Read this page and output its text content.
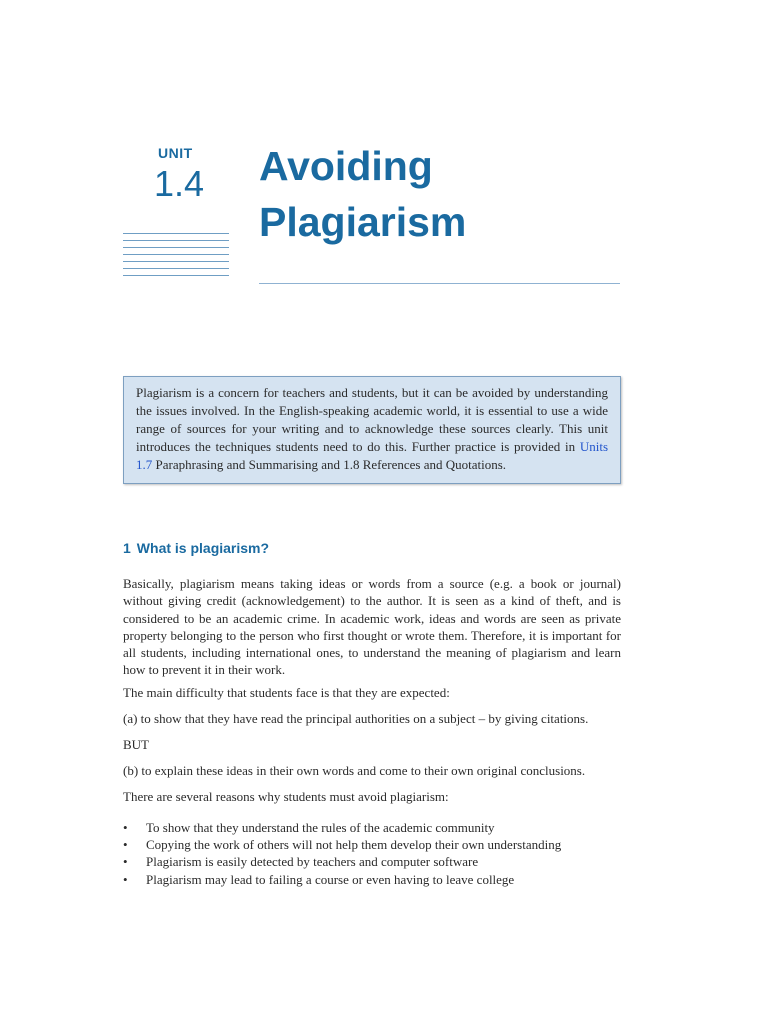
UNIT
1.4 Avoiding
Plagiarism
Plagiarism is a concern for teachers and students, but it can be avoided by understanding the issues involved. In the English-speaking academic world, it is essential to use a wide range of sources for your writing and to acknowledge these sources clearly. This unit introduces the techniques students need to do this. Further practice is provided in Units 1.7 Paraphrasing and Summarising and 1.8 References and Quotations.
1 What is plagiarism?

Basically, plagiarism means taking ideas or words from a source (e.g. a book or journal) without giving credit (acknowledgement) to the author. It is seen as a kind of theft, and is considered to be an academic crime. In academic work, ideas and words are seen as private property belonging to the person who first thought or wrote them. Therefore, it is important for all students, including international ones, to understand the meaning of plagiarism and learn how to prevent it in their work.

The main difficulty that students face is that they are expected:

(a) to show that they have read the principal authorities on a subject – by giving citations.

BUT

(b) to explain these ideas in their own words and come to their own original conclusions.

There are several reasons why students must avoid plagiarism:

• To show that they understand the rules of the academic community
• Copying the work of others will not help them develop their own understanding
• Plagiarism is easily detected by teachers and computer software
• Plagiarism may lead to failing a course or even having to leave college
